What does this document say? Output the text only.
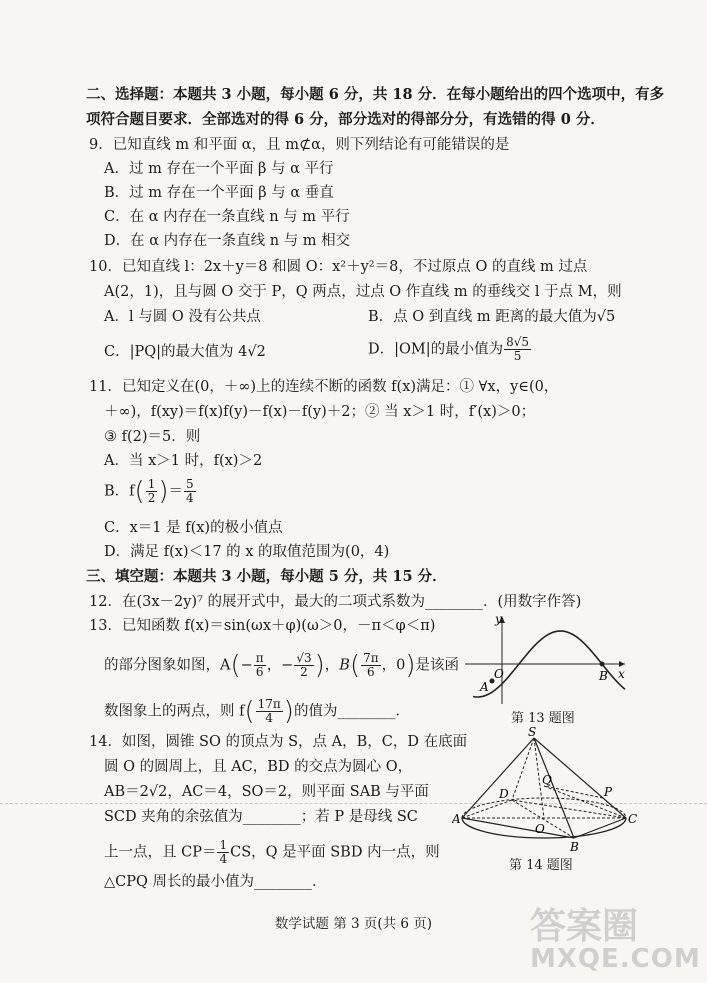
二、选择题：本题共 3 小题，每小题 6 分，共 18 分．在每小题给出的四个选项中，有多
项符合题目要求．全部选对的得 6 分，部分选对的得部分分，有选错的得 0 分．
9．已知直线 m 和平面 α，且 m⊄α，则下列结论有可能错误的是
A．过 m 存在一个平面 β 与 α 平行
B．过 m 存在一个平面 β 与 α 垂直
C．在 α 内存在一条直线 n 与 m 平行
D．在 α 内存在一条直线 n 与 m 相交
10．已知直线 l：2x＋y＝8 和圆 O：x²＋y²＝8，不过原点 O 的直线 m 过点
A(2，1)，且与圆 O 交于 P，Q 两点，过点 O 作直线 m 的垂线交 l 于点 M，则
A．l 与圆 O 没有公共点	B．点 O 到直线 m 距离的最大值为√5
C．|PQ|的最大值为 4√2	D．|OM|的最小值为 $\frac{8√5}{5}$
11．已知定义在(0，＋∞)上的连续不断的函数 f(x)满足：① ∀x，y∈(0，
＋∞)，f(xy)＝f(x)f(y)－f(x)－f(y)＋2；② 当 x＞1 时，f′(x)＞0；
③ f(2)＝5．则
A．当 x＞1 时，f(x)＞2
B．$f( \frac{1}{2}$ )＝ $\frac{5}{4}$
C．x＝1 是 f(x)的极小值点
D．满足 f(x)＜17 的 x 的取值范围为(0，4)
三、填空题：本题共 3 小题，每小题 5 分，共 15 分．
12．在(3x－2y)⁷ 的展开式中，最大的二项式系数为________．(用数字作答)
13．已知函数 f(x)＝sin(ωx＋φ)(ω＞0，－π＜φ＜π)
的部分图象如图，$A(- \frac{\pi}{6}$ ，− $\frac{√3}{2}$ )，$B( \frac{7\pi}{6}$ ，0)是该函
数图象上的两点，则 $f( \frac{17\pi}{4}$ )的值为________．
y
x
O
A
B
第 13 题图
14．如图，圆锥 SO 的顶点为 S，点 A，B，C，D 在底面
圆 O 的圆周上，且 AC，BD 的交点为圆心 O，
AB＝2√2，AC＝4，SO＝2，则平面 SAB 与平面
SCD 夹角的余弦值为________；若 P 是母线 SC
上一点，且 $CP= \frac{1}{4}$ CS，Q 是平面 SBD 内一点，则
△CPQ 周长的最小值为________．
S
A
B
C
D
O
P
Q
第 14 题图
数学试题 第 3 页(共 6 页)	答案圈
MXQE.COM
